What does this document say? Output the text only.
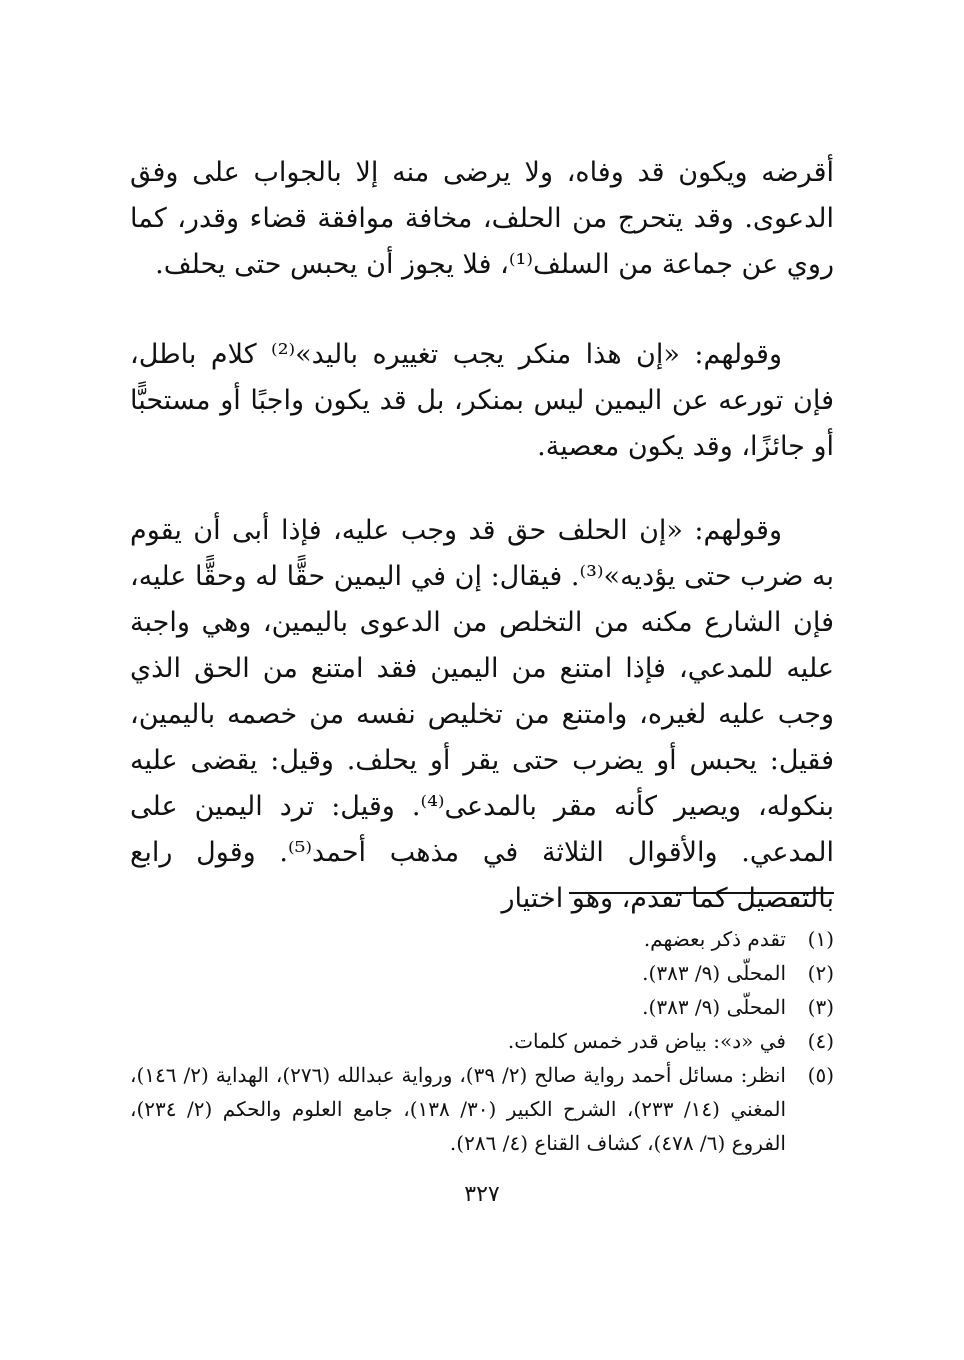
أقرضه ويكون قد وفاه، ولا يرضى منه إلا بالجواب على وفق الدعوى. وقد يتحرج من الحلف، مخافة موافقة قضاء وقدر، كما روي عن جماعة من السلف⁽¹⁾، فلا يجوز أن يحبس حتى يحلف.

وقولهم: «إن هذا منكر يجب تغييره باليد»⁽²⁾ كلام باطل، فإن تورعه عن اليمين ليس بمنكر، بل قد يكون واجبًا أو مستحبًّا أو جائزًا، وقد يكون معصية.

وقولهم: «إن الحلف حق قد وجب عليه، فإذا أبى أن يقوم به ضرب حتى يؤديه»⁽³⁾. فيقال: إن في اليمين حقًّا له وحقًّا عليه، فإن الشارع مكنه من التخلص من الدعوى باليمين، وهي واجبة عليه للمدعي، فإذا امتنع من اليمين فقد امتنع من الحق الذي وجب عليه لغيره، وامتنع من تخليص نفسه من خصمه باليمين، فقيل: يحبس أو يضرب حتى يقر أو يحلف. وقيل: يقضى عليه بنكوله، ويصير كأنه مقر بالمدعى⁽⁴⁾. وقيل: ترد اليمين على المدعي. والأقوال الثلاثة في مذهب أحمد⁽⁵⁾. وقول رابع بالتفصيل كما تقدم، وهو اختيار

(١)
تقدم ذكر بعضهم.
(٢)
المحلّى (٩/ ٣٨٣).
(٣)
المحلّى (٩/ ٣٨٣).
(٤)
في «د»: بياض قدر خمس كلمات.
(٥)
انظر: مسائل أحمد رواية صالح (٢/ ٣٩)، ورواية عبدالله (٢٧٦)، الهداية (٢/ ١٤٦)، المغني (١٤/ ٢٣٣)، الشرح الكبير (٣٠/ ١٣٨)، جامع العلوم والحكم (٢/ ٢٣٤)، الفروع (٦/ ٤٧٨)، كشاف القناع (٤/ ٢٨٦).
٣٢٧
